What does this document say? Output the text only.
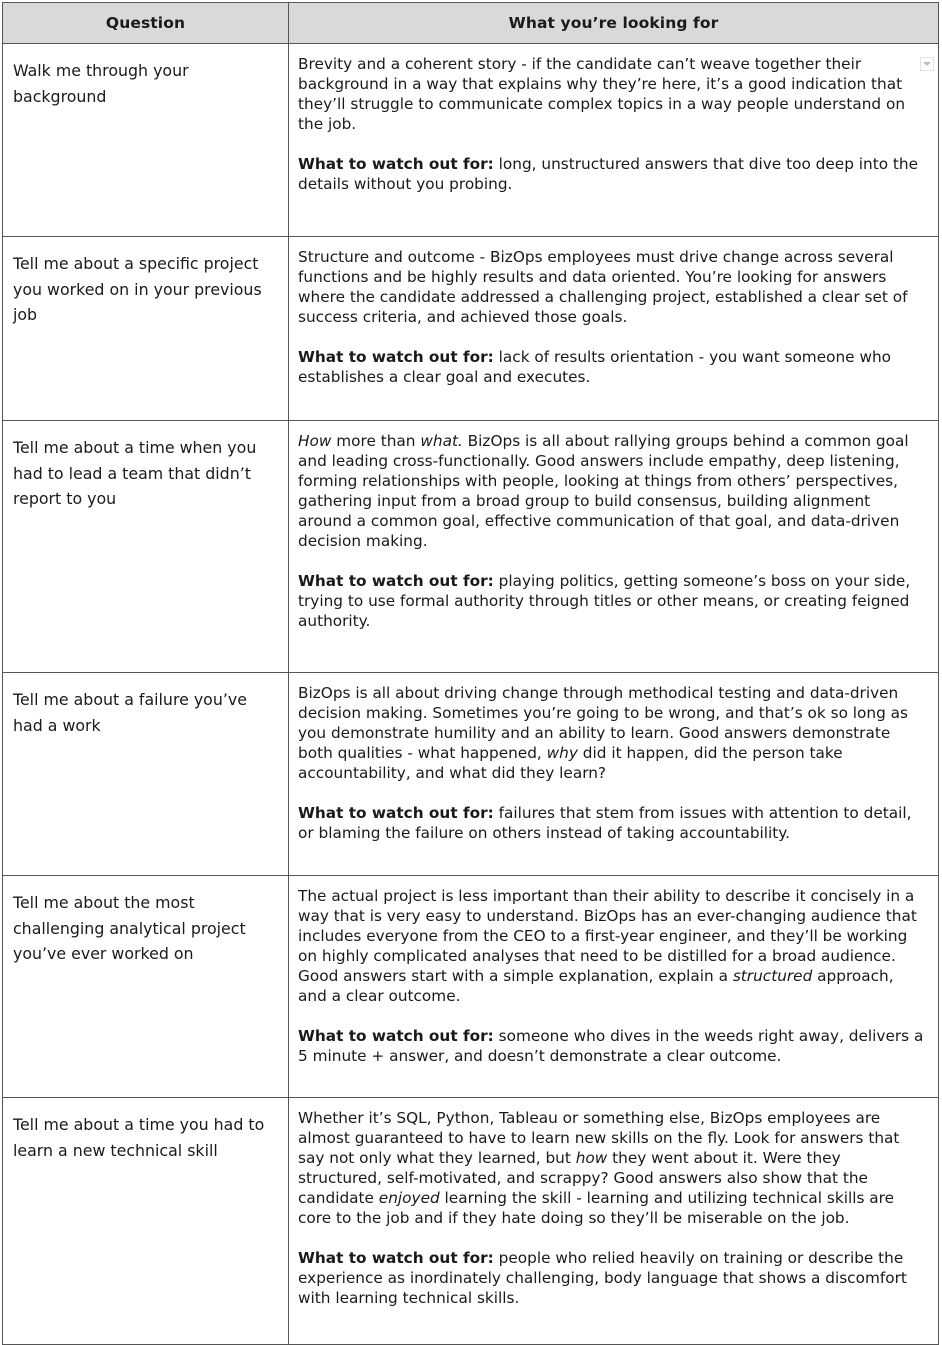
Question	What you’re looking for
Walk me through your background	Brevity and a coherent story - if the candidate can’t weave together their background in a way that explains why they’re here, it’s a good indication that they’ll struggle to communicate complex topics in a way people understand on the job.

What to watch out for: long, unstructured answers that dive too deep into the details without you probing.

Tell me about a specific project you worked on in your previous job	Structure and outcome - BizOps employees must drive change across several functions and be highly results and data oriented. You’re looking for answers where the candidate addressed a challenging project, established a clear set of success criteria, and achieved those goals.

What to watch out for: lack of results orientation - you want someone who establishes a clear goal and executes.

Tell me about a time when you had to lead a team that didn’t report to you	How more than what. BizOps is all about rallying groups behind a common goal and leading cross-functionally. Good answers include empathy, deep listening, forming relationships with people, looking at things from others’ perspectives, gathering input from a broad group to build consensus, building alignment around a common goal, effective communication of that goal, and data-driven decision making.

What to watch out for: playing politics, getting someone’s boss on your side, trying to use formal authority through titles or other means, or creating feigned authority.

Tell me about a failure you’ve had a work	BizOps is all about driving change through methodical testing and data-driven decision making. Sometimes you’re going to be wrong, and that’s ok so long as you demonstrate humility and an ability to learn. Good answers demonstrate both qualities - what happened, why did it happen, did the person take accountability, and what did they learn?

What to watch out for: failures that stem from issues with attention to detail, or blaming the failure on others instead of taking accountability.

Tell me about the most challenging analytical project you’ve ever worked on	The actual project is less important than their ability to describe it concisely in a way that is very easy to understand. BizOps has an ever-changing audience that includes everyone from the CEO to a first-year engineer, and they’ll be working on highly complicated analyses that need to be distilled for a broad audience. Good answers start with a simple explanation, explain a structured approach, and a clear outcome.

What to watch out for: someone who dives in the weeds right away, delivers a 5 minute + answer, and doesn’t demonstrate a clear outcome.

Tell me about a time you had to learn a new technical skill	Whether it’s SQL, Python, Tableau or something else, BizOps employees are almost guaranteed to have to learn new skills on the fly. Look for answers that say not only what they learned, but how they went about it. Were they structured, self-motivated, and scrappy? Good answers also show that the candidate enjoyed learning the skill - learning and utilizing technical skills are core to the job and if they hate doing so they’ll be miserable on the job.

What to watch out for: people who relied heavily on training or describe the experience as inordinately challenging, body language that shows a discomfort with learning technical skills.
